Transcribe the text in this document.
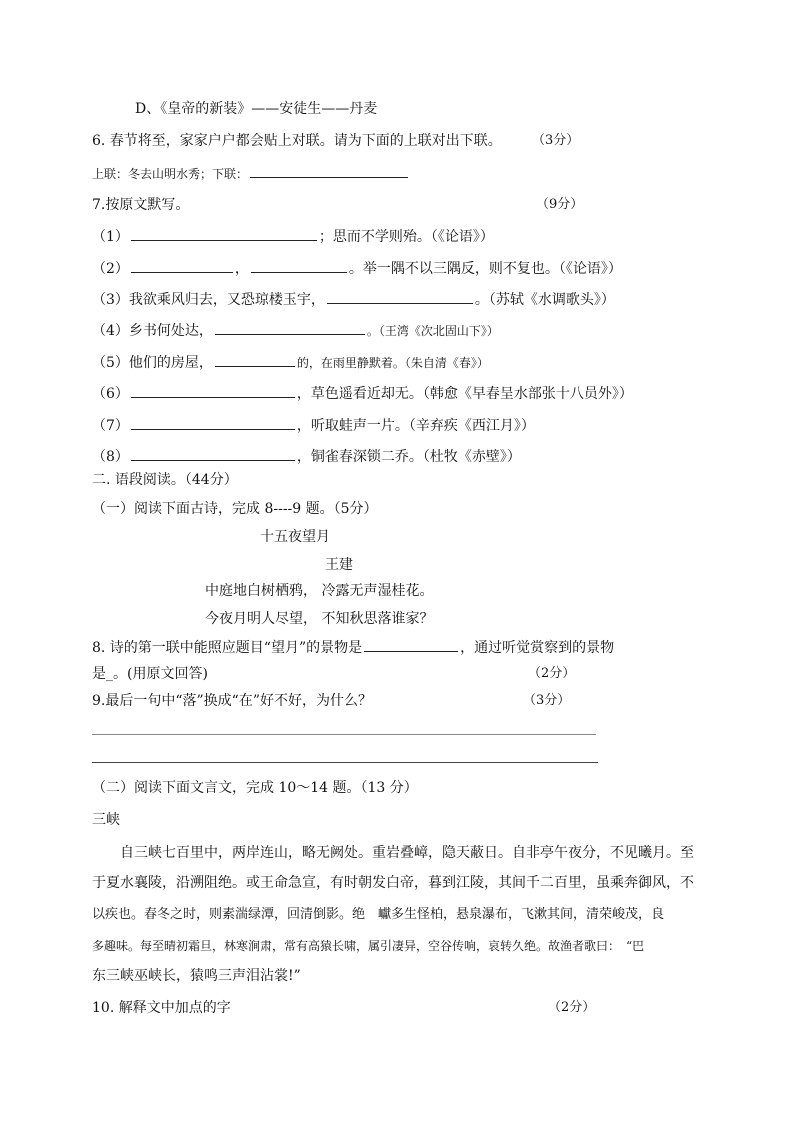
D、《皇帝的新装》——安徒生——丹麦
6. 春节将至，家家户户都会贴上对联。请为下面的上联对出下联。 （3分）
上联：冬去山明水秀；下联：
7.按原文默写。	（9分）
（1）	；思而不学则殆。（《论语》）
（2）	，	。举一隅不以三隅反，则不复也。（《论语》）
（3）我欲乘风归去，又恐琼楼玉宇，	。（苏轼《水调歌头》）
（4）乡书何处达，	。（王湾《次北固山下》）
（5）他们的房屋，	的，在雨里静默着。（朱自清《春》）
（6）	，草色遥看近却无。（韩愈《早春呈水部张十八员外》）
（7）	，听取蛙声一片。（辛弃疾《西江月》）
（8）	，铜雀春深锁二乔。（杜牧《赤壁》）
二. 语段阅读。（44分）
（一）阅读下面古诗，完成 8----9 题。（5分）
十五夜望月
王建
中庭地白树栖鸦， 冷露无声湿桂花。
今夜月明人尽望， 不知秋思落谁家？
8. 诗的第一联中能照应题目“望月”的景物是	，通过听觉赏察到的景物
是_。(用原文回答)	（2分）
9.最后一句中“落”换成“在”好不好，为什么？	（3分）
（二）阅读下面文言文，完成 10～14 题。（13 分）
三峡
自三峡七百里中，两岸连山，略无阙处。重岩叠嶂，隐天蔽日。自非亭午夜分，不见曦月。至
于夏水襄陵，沿溯阻绝。或王命急宣，有时朝发白帝，暮到江陵，其间千二百里，虽乘奔御风，不
以疾也。春冬之时，则素湍绿潭，回清倒影。绝　巘多生怪柏，悬泉瀑布，飞漱其间，清荣峻茂，良
多趣味。每至晴初霜旦，林寒涧肃，常有高猿长啸，属引凄异，空谷传响，哀转久绝。故渔者歌曰：　“巴
东三峡巫峡长，猿鸣三声泪沾裳!”
10. 解释文中加点的字	（2分）
